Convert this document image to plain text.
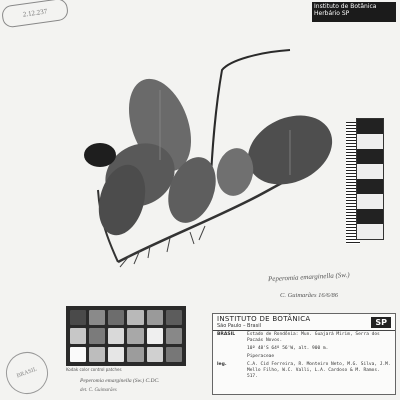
2.12.237
Instituto de Botânica
Herbário SP
Peperomia emarginella (Sw.)
C. Guimarães 16/6/86
Kodak color control patches
INSTITUTO DE BOTÂNICA
São Paulo – Brasil	SP
BRASIL	Estado de Rondônia: Mun. Guajará Mirim, Serra dos Pacaás Novos.
10º 48'S 64º 56'W, alt. 900 m.
Piperaceae
leg.	C.A. Cid Ferreira, R. Monteiro Neto, M.G. Silva, J.M. Mello Filho, W.C. Valli, L.A. Cardoso & M. Ramos. 517.
BRASIL
Peperomia emarginella (Sw.) C.DC.
det. C. Guimarães
